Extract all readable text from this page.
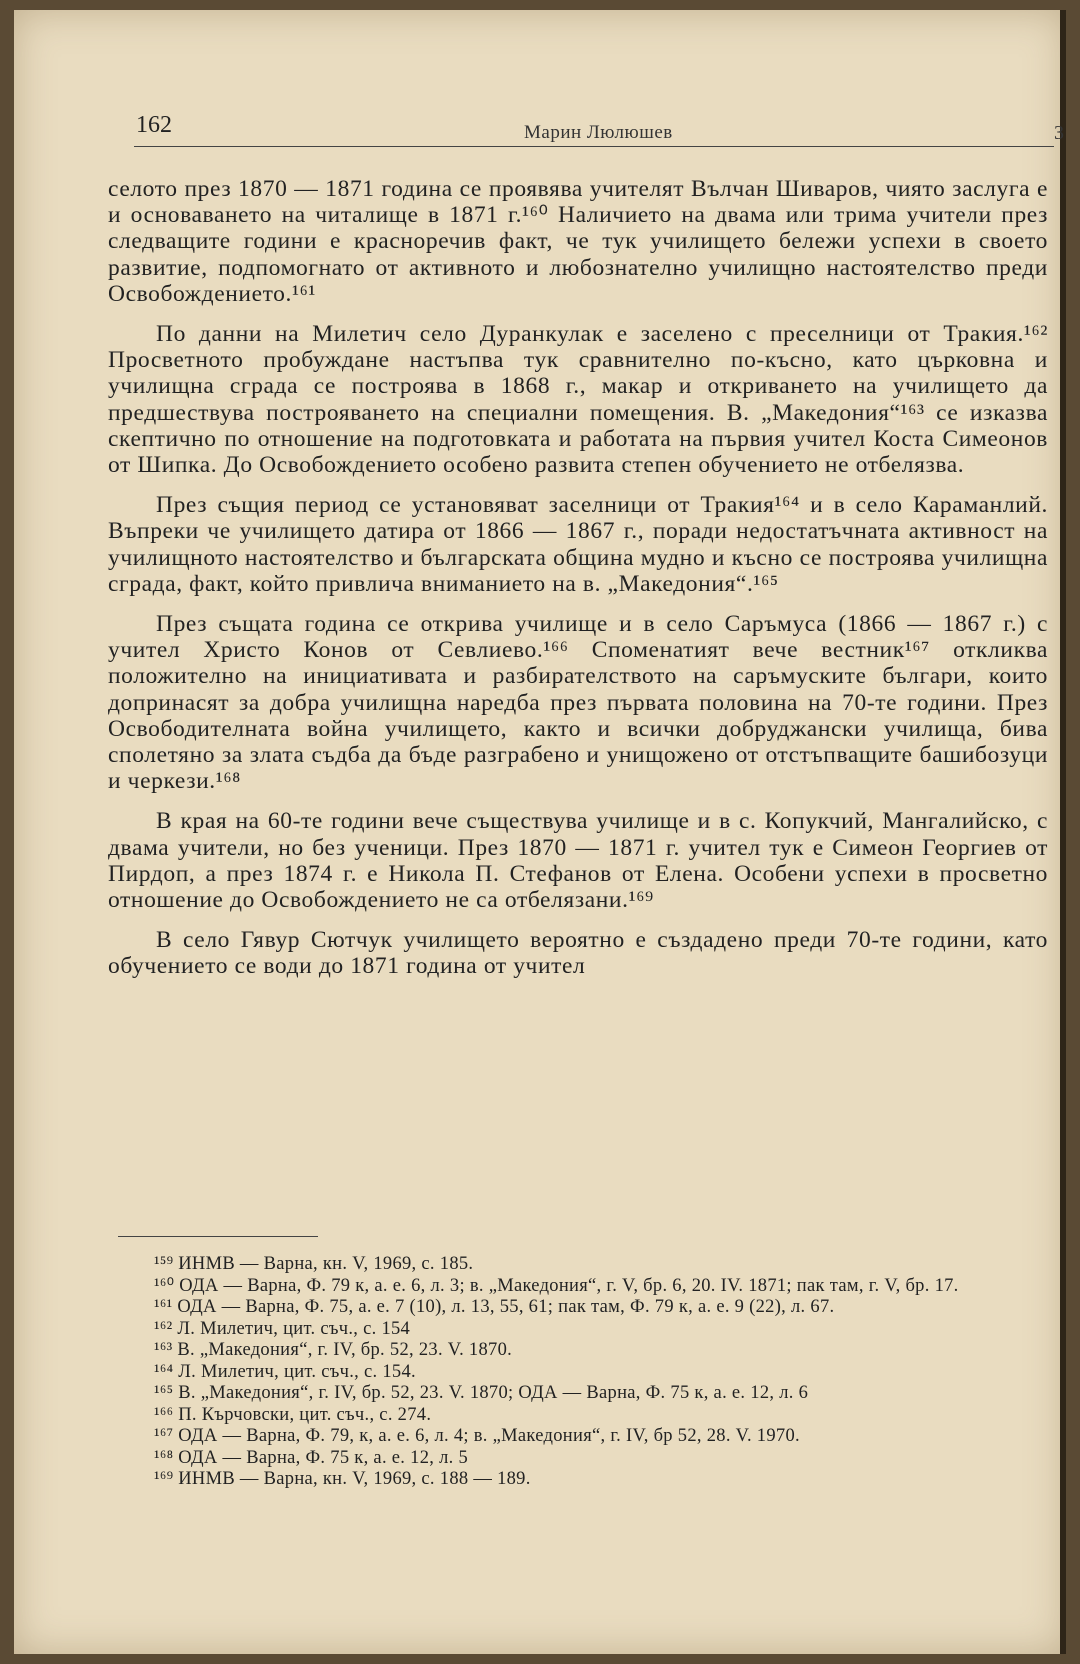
162	Марин Люлюшев	3

селото през 1870 — 1871 година се проявява учителят Вълчан Шиваров, чиято заслуга е и основаването на читалище в 1871 г.¹⁶⁰ Наличието на двама или трима учители през следващите години е красноречив факт, че тук училището бележи успехи в своето развитие, подпомогнато от активното и любознателно училищно настоятелство преди Освобождението.¹⁶¹

По данни на Милетич село Дуранкулак е заселено с преселници от Тракия.¹⁶² Просветното пробуждане настъпва тук сравнително по-късно, като църковна и училищна сграда се построява в 1868 г., макар и откриването на училището да предшествува построяването на специални помещения. В. „Македония“¹⁶³ се изказва скептично по отношение на подготовката и работата на първия учител Коста Симеонов от Шипка. До Освобождението особено развита степен обучението не отбелязва.

През същия период се установяват заселници от Тракия¹⁶⁴ и в село Караманлий. Въпреки че училището датира от 1866 — 1867 г., поради недостатъчната активност на училищното настоятелство и българската община мудно и късно се построява училищна сграда, факт, който привлича вниманието на в. „Македония“.¹⁶⁵

През същата година се открива училище и в село Саръмуса (1866 — 1867 г.) с учител Христо Конов от Севлиево.¹⁶⁶ Споменатият вече вестник¹⁶⁷ откликва положително на инициативата и разбирателството на саръмуските българи, които допринасят за добра училищна наредба през първата половина на 70-те години. През Освободителната война училището, както и всички добруджански училища, бива сполетяно за злата съдба да бъде разграбено и унищожено от отстъпващите башибозуци и черкези.¹⁶⁸

В края на 60-те години вече съществува училище и в с. Копукчий, Мангалийско, с двама учители, но без ученици. През 1870 — 1871 г. учител тук е Симеон Георгиев от Пирдоп, а през 1874 г. е Никола П. Стефанов от Елена. Особени успехи в просветно отношение до Освобождението не са отбелязани.¹⁶⁹

В село Гявур Сютчук училището вероятно е създадено преди 70-те години, като обучението се води до 1871 година от учител

¹⁵⁹ ИНМВ — Варна, кн. V, 1969, с. 185.

¹⁶⁰ ОДА — Варна, Ф. 79 к, а. е. 6, л. 3; в. „Македония“, г. V, бр. 6, 20. IV. 1871; пак там, г. V, бр. 17.

¹⁶¹ ОДА — Варна, Ф. 75, а. е. 7 (10), л. 13, 55, 61; пак там, Ф. 79 к, а. е. 9 (22), л. 67.

¹⁶² Л. Милетич, цит. съч., с. 154

¹⁶³ В. „Македония“, г. IV, бр. 52, 23. V. 1870.

¹⁶⁴ Л. Милетич, цит. съч., с. 154.

¹⁶⁵ В. „Македония“, г. IV, бр. 52, 23. V. 1870; ОДА — Варна, Ф. 75 к, а. е. 12, л. 6

¹⁶⁶ П. Кърчовски, цит. съч., с. 274.

¹⁶⁷ ОДА — Варна, Ф. 79, к, а. е. 6, л. 4; в. „Македония“, г. IV, бр 52, 28. V. 1970.

¹⁶⁸ ОДА — Варна, Ф. 75 к, а. е. 12, л. 5

¹⁶⁹ ИНМВ — Варна, кн. V, 1969, с. 188 — 189.
